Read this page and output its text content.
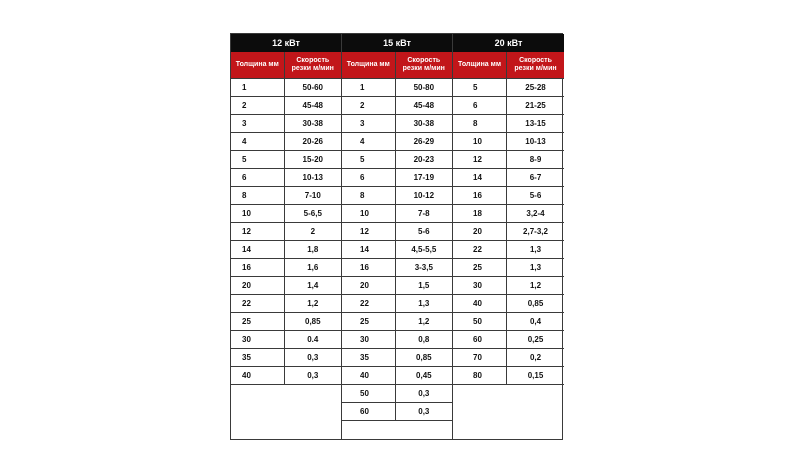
12 кВт
Толщина мм
Скорость резки м/мин
1	50-60
2	45-48
3	30-38
4	20-26
5	15-20
6	10-13
8	7-10
10	5-6,5
12	2
14	1,8
16	1,6
20	1,4
22	1,2
25	0,85
30	0.4
35	0,3
40	0,3
15 кВт
Толщина мм
Скорость резки м/мин
1	50-80
2	45-48
3	30-38
4	26-29
5	20-23
6	17-19
8	10-12
10	7-8
12	5-6
14	4,5-5,5
16	3-3,5
20	1,5
22	1,3
25	1,2
30	0,8
35	0,85
40	0,45
50	0,3
60	0,3
20 кВт
Толщина мм
Скорость резки м/мин
5	25-28
6	21-25
8	13-15
10	10-13
12	8-9
14	6-7
16	5-6
18	3,2-4
20	2,7-3,2
22	1,3
25	1,3
30	1,2
40	0,85
50	0,4
60	0,25
70	0,2
80	0,15
